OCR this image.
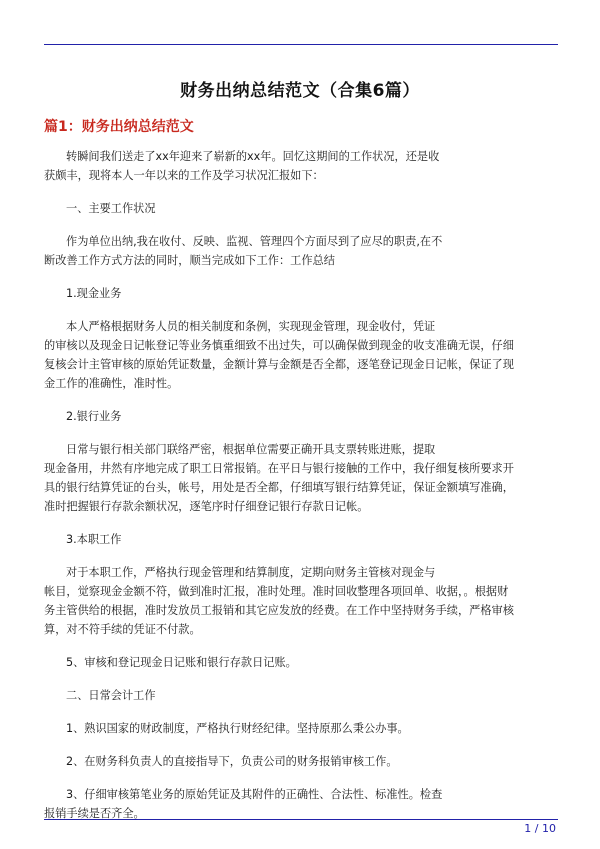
财务出纳总结范文（合集6篇）
篇1：财务出纳总结范文
转瞬间我们送走了xx年迎来了崭新的xx年。回忆这期间的工作状况，还是收
获颇丰，现将本人一年以来的工作及学习状况汇报如下：
一、主要工作状况
作为单位出纳,我在收付、反映、监视、管理四个方面尽到了应尽的职责,在不
断改善工作方式方法的同时，顺当完成如下工作：工作总结
1.现金业务
本人严格根据财务人员的相关制度和条例，实现现金管理，现金收付，凭证
的审核以及现金日记帐登记等业务慎重细致不出过失，可以确保做到现金的收支准确无误，仔细
复核会计主管审核的原始凭证数量，金额计算与金额是否全都，逐笔登记现金日记帐，保证了现
金工作的准确性，准时性。
2.银行业务
日常与银行相关部门联络严密，根据单位需要正确开具支票转账进账，提取
现金备用，井然有序地完成了职工日常报销。在平日与银行接触的工作中，我仔细复核所要求开
具的银行结算凭证的台头，帐号，用处是否全都，仔细填写银行结算凭证，保证金额填写准确，
准时把握银行存款余额状况，逐笔序时仔细登记银行存款日记帐。
3.本职工作
对于本职工作，严格执行现金管理和结算制度，定期向财务主管核对现金与
帐目，觉察现金金额不符，做到准时汇报，准时处理。准时回收整理各项回单、收据，。根据财
务主管供给的根据，准时发放员工报销和其它应发放的经费。在工作中坚持财务手续，严格审核
算，对不符手续的凭证不付款。
5、审核和登记现金日记账和银行存款日记账。
二、日常会计工作
1、熟识国家的财政制度，严格执行财经纪律。坚持原那么秉公办事。
2、在财务科负责人的直接指导下，负责公司的财务报销审核工作。
3、仔细审核第笔业务的原始凭证及其附件的正确性、合法性、标准性。检查
报销手续是否齐全。
1 / 10
